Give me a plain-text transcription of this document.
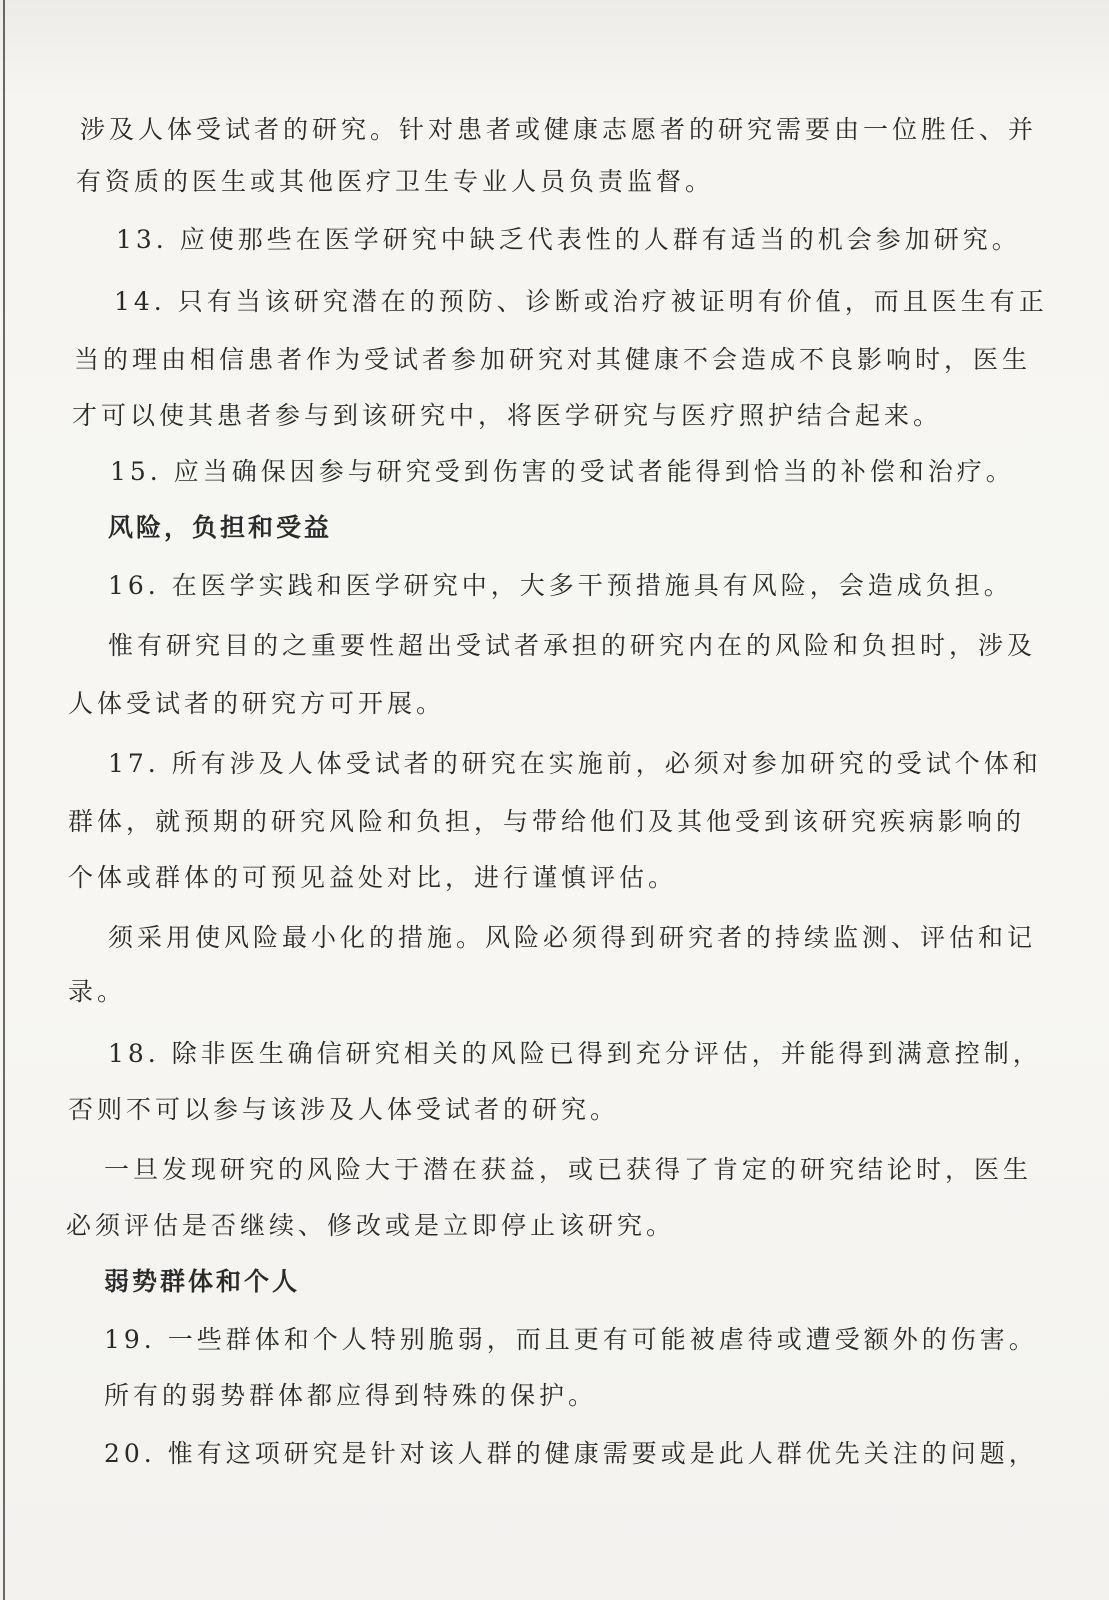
涉及人体受试者的研究。针对患者或健康志愿者的研究需要由一位胜任、并
有资质的医生或其他医疗卫生专业人员负责监督。
13. 应使那些在医学研究中缺乏代表性的人群有适当的机会参加研究。
14. 只有当该研究潜在的预防、诊断或治疗被证明有价值，而且医生有正
当的理由相信患者作为受试者参加研究对其健康不会造成不良影响时，医生
才可以使其患者参与到该研究中，将医学研究与医疗照护结合起来。
15. 应当确保因参与研究受到伤害的受试者能得到恰当的补偿和治疗。
风险，负担和受益
16. 在医学实践和医学研究中，大多干预措施具有风险，会造成负担。
惟有研究目的之重要性超出受试者承担的研究内在的风险和负担时，涉及
人体受试者的研究方可开展。
17. 所有涉及人体受试者的研究在实施前，必须对参加研究的受试个体和
群体，就预期的研究风险和负担，与带给他们及其他受到该研究疾病影响的
个体或群体的可预见益处对比，进行谨慎评估。
须采用使风险最小化的措施。风险必须得到研究者的持续监测、评估和记
录。
18. 除非医生确信研究相关的风险已得到充分评估，并能得到满意控制，
否则不可以参与该涉及人体受试者的研究。
一旦发现研究的风险大于潜在获益，或已获得了肯定的研究结论时，医生
必须评估是否继续、修改或是立即停止该研究。
弱势群体和个人
19. 一些群体和个人特别脆弱，而且更有可能被虐待或遭受额外的伤害。
所有的弱势群体都应得到特殊的保护。
20. 惟有这项研究是针对该人群的健康需要或是此人群优先关注的问题，
